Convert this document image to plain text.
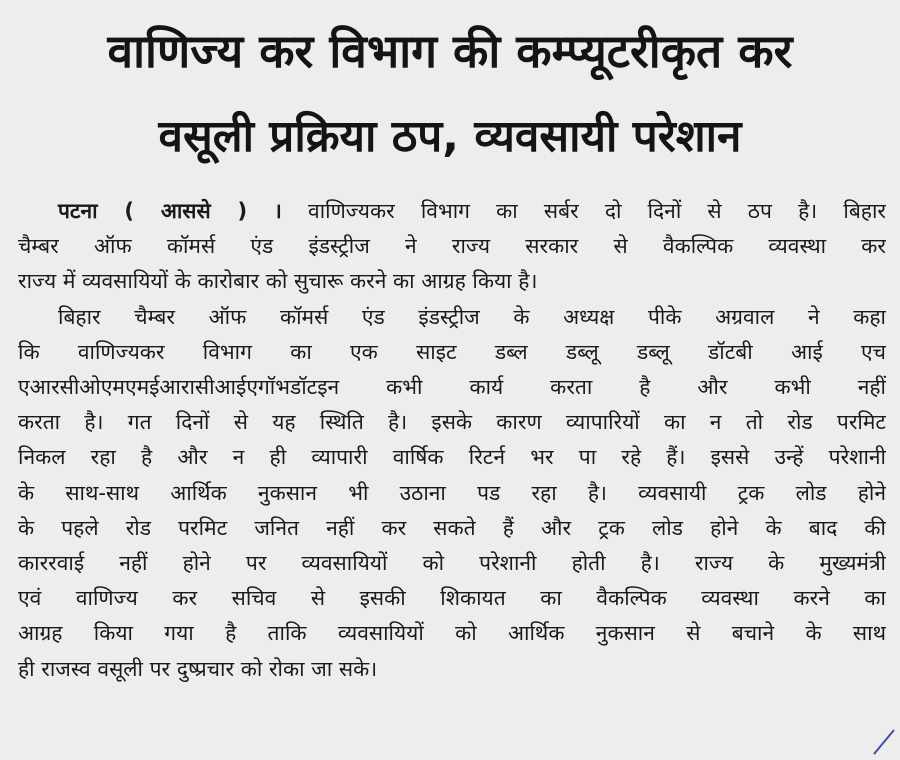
वाणिज्य कर विभाग की कम्प्यूटरीकृत कर
वसूली प्रक्रिया ठप, व्यवसायी परेशान

पटना ( आससे ) । वाणिज्यकर विभाग का सर्बर दो दिनों से ठप है। बिहार
चैम्बर ऑफ कॉमर्स एंड इंडस्ट्रीज ने राज्य सरकार से वैकल्पिक व्यवस्था कर
राज्य में व्यवसायियों के कारोबार को सुचारू करने का आग्रह किया है।

बिहार चैम्बर ऑफ कॉमर्स एंड इंडस्ट्रीज के अध्यक्ष पीके अग्रवाल ने कहा
कि वाणिज्यकर विभाग का एक साइट डब्ल डब्लू डब्लू डॉटबी आई एच
एआरसीओएमएमईआरासीआईएगॉभडॉटइन कभी कार्य करता है और कभी नहीं
करता है। गत दिनों से यह स्थिति है। इसके कारण व्यापारियों का न तो रोड परमिट
निकल रहा है और न ही व्यापारी वार्षिक रिटर्न भर पा रहे हैं। इससे उन्हें परेशानी
के साथ-साथ आर्थिक नुकसान भी उठाना पड रहा है। व्यवसायी ट्रक लोड होने
के पहले रोड परमिट जनित नहीं कर सकते हैं और ट्रक लोड होने के बाद की
काररवाई नहीं होने पर व्यवसायियों को परेशानी होती है। राज्य के मुख्यमंत्री
एवं वाणिज्य कर सचिव से इसकी शिकायत का वैकल्पिक व्यवस्था करने का
आग्रह किया गया है ताकि व्यवसायियों को आर्थिक नुकसान से बचाने के साथ
ही राजस्व वसूली पर दुष्प्रचार को रोका जा सके।
